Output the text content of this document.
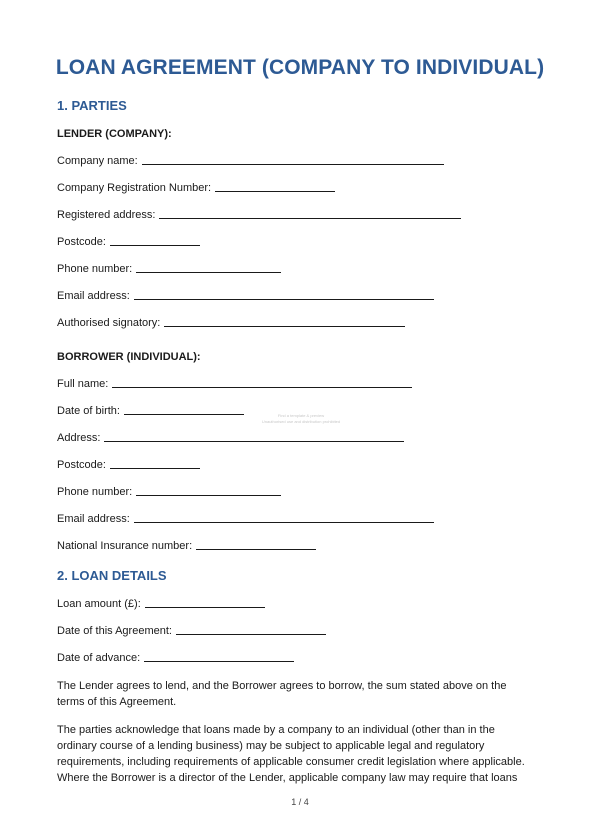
LOAN AGREEMENT (COMPANY TO INDIVIDUAL)
1. PARTIES
LENDER (COMPANY):
Company name:
Company Registration Number:
Registered address:
Postcode:
Phone number:
Email address:
Authorised signatory:
BORROWER (INDIVIDUAL):
Full name:
Date of birth:
Address:
Postcode:
Phone number:
Email address:
National Insurance number:
2. LOAN DETAILS
Loan amount (£):
Date of this Agreement:
Date of advance:
The Lender agrees to lend, and the Borrower agrees to borrow, the sum stated above on the terms of this Agreement.
The parties acknowledge that loans made by a company to an individual (other than in the ordinary course of a lending business) may be subject to applicable legal and regulatory requirements, including requirements of applicable consumer credit legislation where applicable. Where the Borrower is a director of the Lender, applicable company law may require that loans
Find a template & preview
Unauthorised use and distribution prohibited
1 / 4
